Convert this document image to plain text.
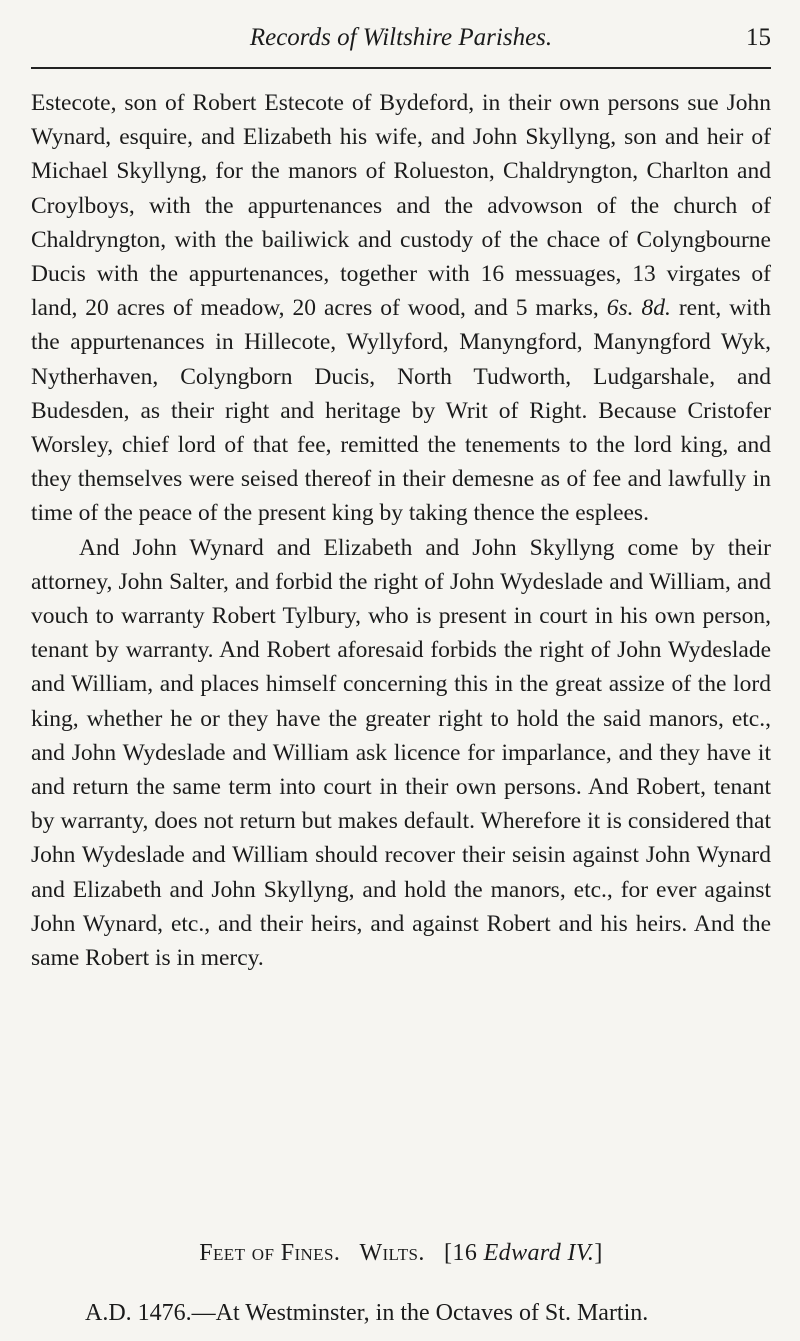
Records of Wiltshire Parishes.	15

Estecote, son of Robert Estecote of Bydeford, in their own persons sue John Wynard, esquire, and Elizabeth his wife, and John Skyllyng, son and heir of Michael Skyllyng, for the manors of Rolueston, Chaldryngton, Charlton and Croylboys, with the appurtenances and the advowson of the church of Chaldryngton, with the bailiwick and custody of the chace of Colyngbourne Ducis with the appurtenances, together with 16 messuages, 13 virgates of land, 20 acres of meadow, 20 acres of wood, and 5 marks, 6s. 8d. rent, with the appurtenances in Hillecote, Wyllyford, Manyngford, Manyngford Wyk, Nytherhaven, Colyngborn Ducis, North Tudworth, Ludgarshale, and Budesden, as their right and heritage by Writ of Right. Because Cristofer Worsley, chief lord of that fee, remitted the tenements to the lord king, and they themselves were seised thereof in their demesne as of fee and lawfully in time of the peace of the present king by taking thence the esplees.

And John Wynard and Elizabeth and John Skyllyng come by their attorney, John Salter, and forbid the right of John Wydeslade and William, and vouch to warranty Robert Tylbury, who is present in court in his own person, tenant by warranty. And Robert aforesaid forbids the right of John Wydeslade and William, and places himself concerning this in the great assize of the lord king, whether he or they have the greater right to hold the said manors, etc., and John Wydeslade and William ask licence for imparlance, and they have it and return the same term into court in their own persons. And Robert, tenant by warranty, does not return but makes default. Wherefore it is considered that John Wydeslade and William should recover their seisin against John Wynard and Elizabeth and John Skyllyng, and hold the manors, etc., for ever against John Wynard, etc., and their heirs, and against Robert and his heirs. And the same Robert is in mercy.

Feet of Fines. Wilts. [16 Edward IV.]
A.D. 1476.—At Westminster, in the Octaves of St. Martin.
